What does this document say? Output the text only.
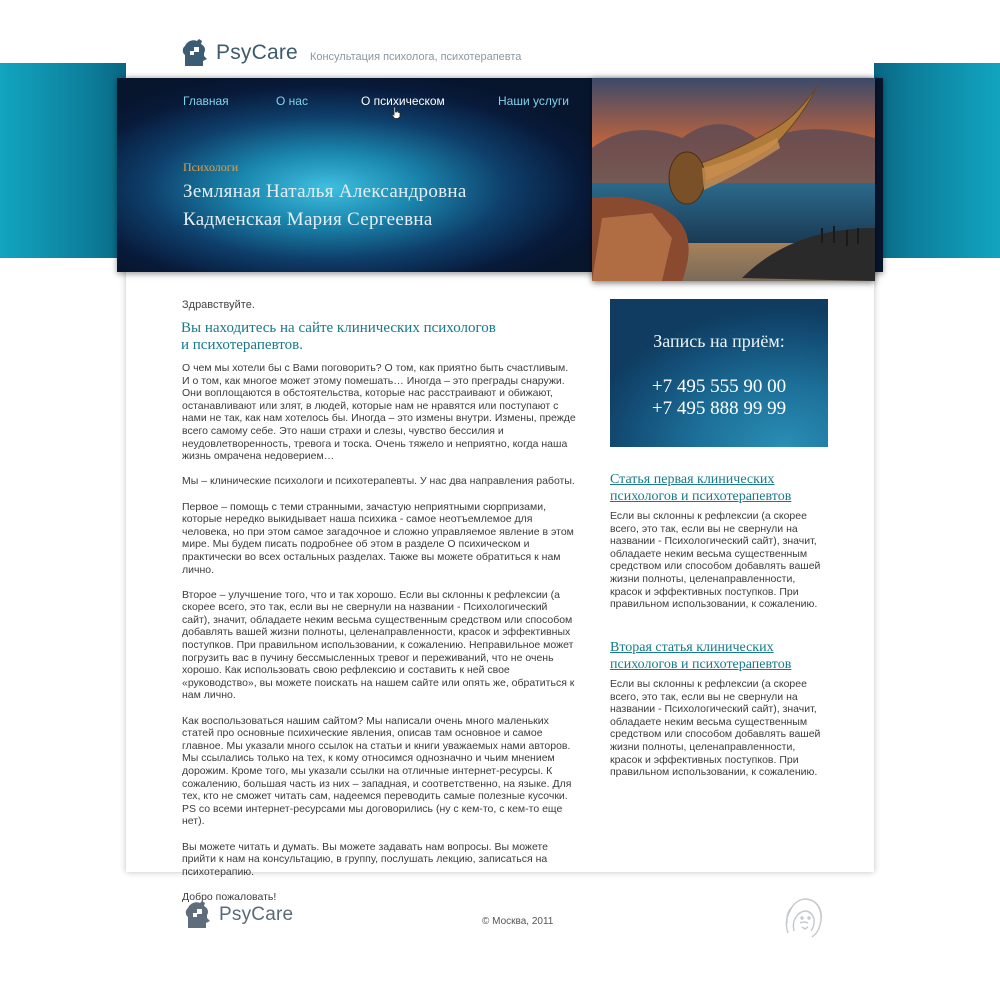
PsyCare Консультация психолога, психотерапевта
Главная	О нас	О психическом	Наши услуги
Психологи
Земляная Наталья Александровна
Кадменская Мария Сергеевна
Здравствуйте.
Вы находитесь на сайте клинических психологов
и психотерапевтов.

О чем мы хотели бы с Вами поговорить? О том, как приятно быть счастливым. И о том, как многое может этому помешать… Иногда – это преграды снаружи. Они воплощаются в обстоятельства, которые нас расстраивают и обижают, останавливают или злят, в людей, которые нам не нравятся или поступают с нами не так, как нам хотелось бы. Иногда – это измены внутри. Измены, прежде всего самому себе. Это наши страхи и слезы, чувство бессилия и неудовлетворенность, тревога и тоска. Очень тяжело и неприятно, когда наша жизнь омрачена недоверием…

Мы – клинические психологи и психотерапевты. У нас два направления работы.

Первое – помощь с теми странными, зачастую неприятными сюрпризами, которые нередко выкидывает наша психика - самое неотъемлемое для человека, но при этом самое загадочное и сложно управляемое явление в этом мире. Мы будем писать подробнее об этом в разделе О психическом и практически во всех остальных разделах. Также вы можете обратиться к нам лично.

Второе – улучшение того, что и так хорошо. Если вы склонны к рефлексии (а скорее всего, это так, если вы не свернули на названии - Психологический сайт), значит, обладаете неким весьма существенным средством или способом добавлять вашей жизни полноты, целенаправленности, красок и эффективных поступков. При правильном использовании, к сожалению. Неправильное может погрузить вас в пучину бессмысленных тревог и переживаний, что не очень хорошо. Как использовать свою рефлексию и составить к ней свое «руководство», вы можете поискать на нашем сайте или опять же, обратиться к нам лично.

Как воспользоваться нашим сайтом? Мы написали очень много маленьких статей про основные психические явления, описав там основное и самое главное. Мы указали много ссылок на статьи и книги уважаемых нами авторов. Мы ссылались только на тех, к кому относимся однозначно и чьим мнением дорожим. Кроме того, мы указали ссылки на отличные интернет-ресурсы. К сожалению, большая часть из них – западная, и соответственно, на языке. Для тех, кто не сможет читать сам, надеемся переводить самые полезные кусочки. PS со всеми интернет-ресурсами мы договорились (ну с кем-то, с кем-то еще нет).

Вы можете читать и думать. Вы можете задавать нам вопросы. Вы можете прийти к нам на консультацию, в группу, послушать лекцию, записаться на психотерапию.

Добро пожаловать!

Запись на приём:
+7 495 555 90 00
+7 495 888 99 99
Статья первая клинических
психологов и психотерапевтов
Если вы склонны к рефлексии (а скорее всего, это так, если вы не свернули на названии - Психологический сайт), значит, обладаете неким весьма существенным средством или способом добавлять вашей жизни полноты, целенаправленности, красок и эффективных поступков. При правильном использовании, к сожалению.
Вторая статья клинических
психологов и психотерапевтов
Если вы склонны к рефлексии (а скорее всего, это так, если вы не свернули на названии - Психологический сайт), значит, обладаете неким весьма существенным средством или способом добавлять вашей жизни полноты, целенаправленности, красок и эффективных поступков. При правильном использовании, к сожалению.
PsyCare	© Москва, 2011
